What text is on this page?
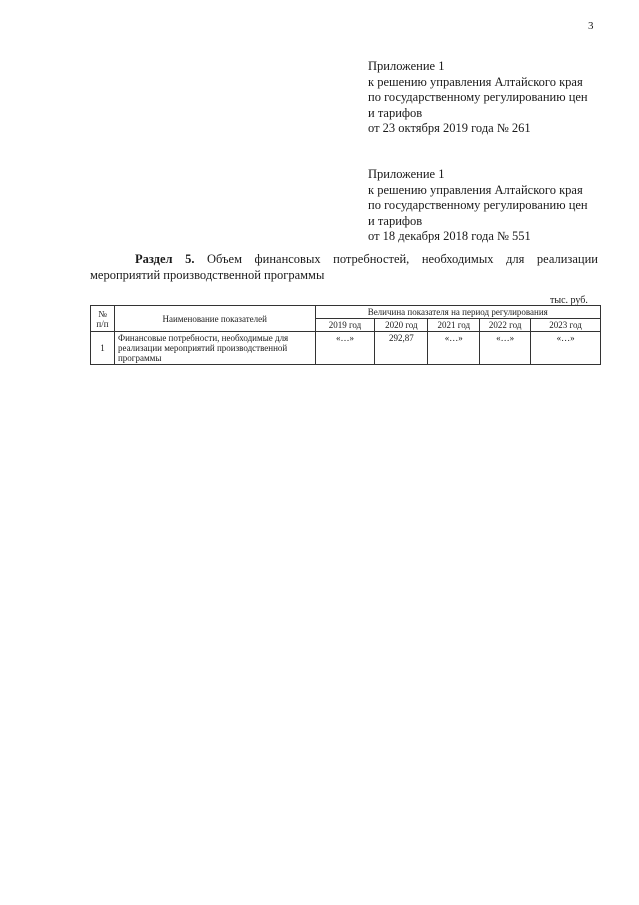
3
Приложение 1
к решению управления Алтайского края
по государственному регулированию цен
и тарифов
от 23 октября 2019 года № 261
Приложение 1
к решению управления Алтайского края
по государственному регулированию цен
и тарифов
от 18 декабря 2018 года № 551
Раздел 5. Объем финансовых потребностей, необходимых для реализации мероприятий производственной программы
тыс. руб.
№ п/п	Наименование показателей	Величина показателя на период регулирования				
		2019 год	2020 год	2021 год	2022 год	2023 год
1	Финансовые потребности, необходимые для реализации мероприятий производственной программы	«…»	292,87	«…»	«…»	«…»
